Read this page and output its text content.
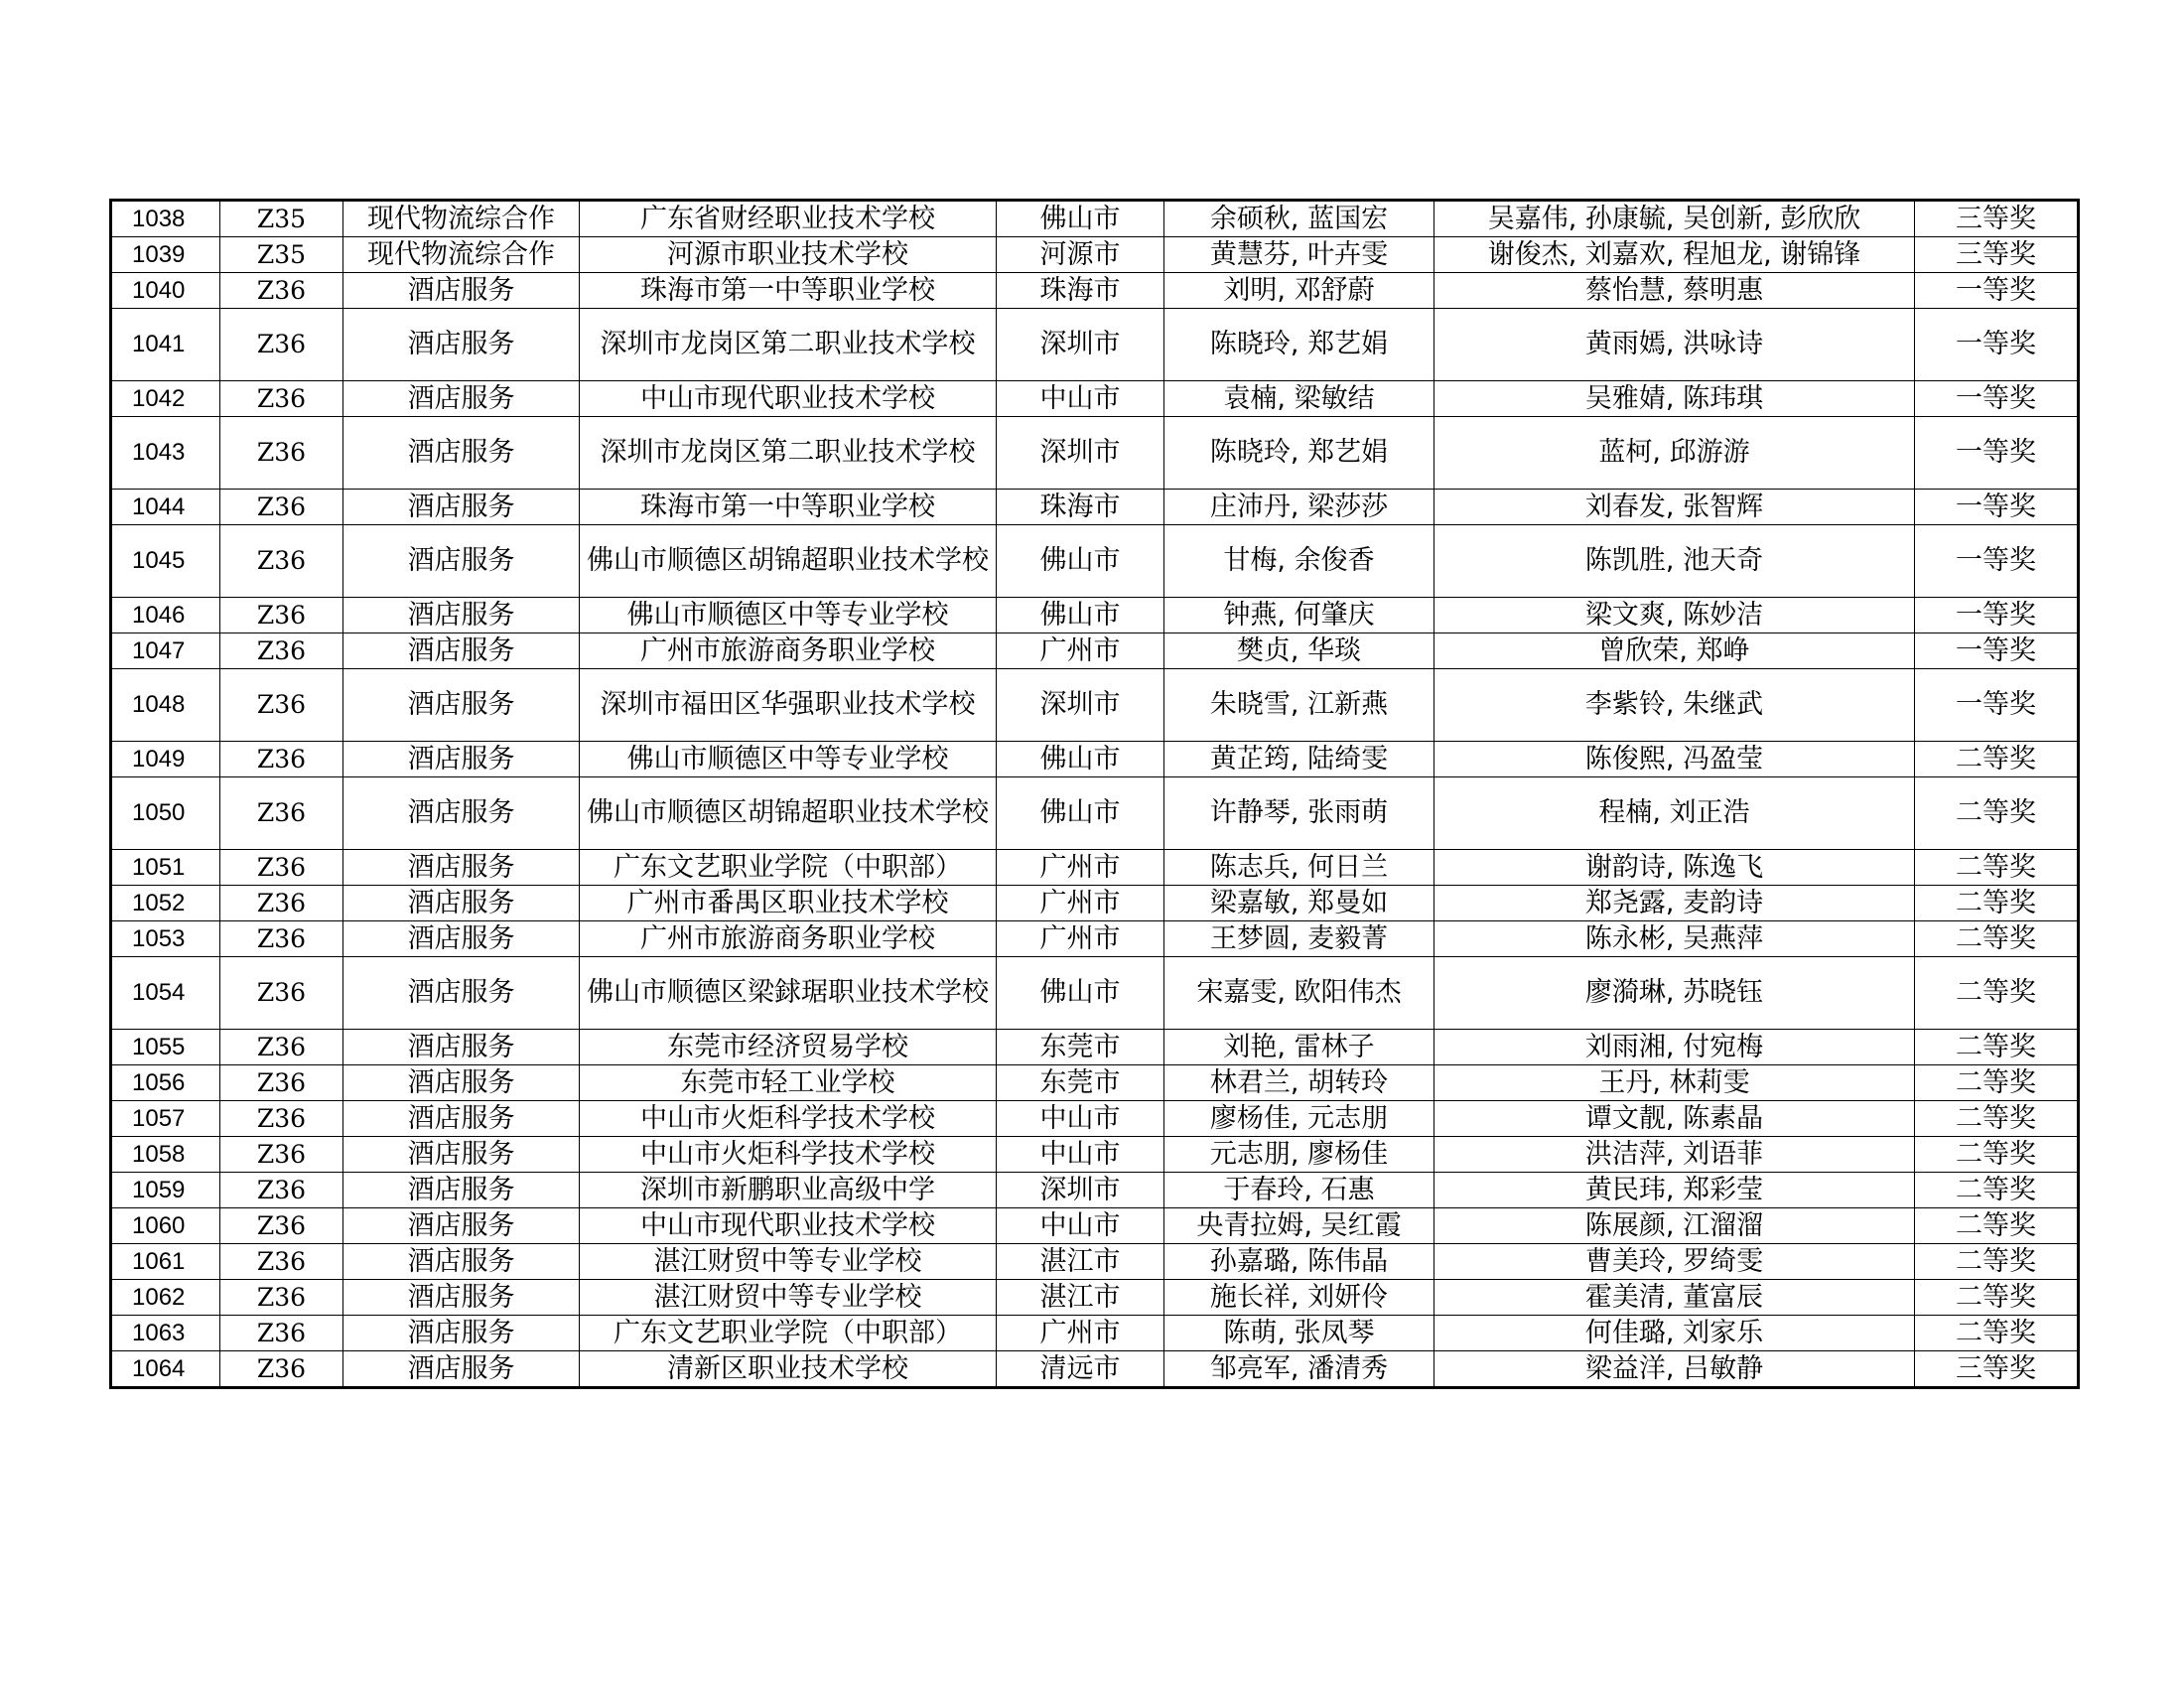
1038	Z35	现代物流综合作	广东省财经职业技术学校	佛山市	余硕秋, 蓝国宏	吴嘉伟, 孙康毓, 吴创新, 彭欣欣	三等奖
1039	Z35	现代物流综合作	河源市职业技术学校	河源市	黄慧芬, 叶卉雯	谢俊杰, 刘嘉欢, 程旭龙, 谢锦锋	三等奖
1040	Z36	酒店服务	珠海市第一中等职业学校	珠海市	刘明, 邓舒蔚	蔡怡慧, 蔡明惠	一等奖
1041	Z36	酒店服务	深圳市龙岗区第二职业技术学校	深圳市	陈晓玲, 郑艺娟	黄雨嫣, 洪咏诗	一等奖
1042	Z36	酒店服务	中山市现代职业技术学校	中山市	袁楠, 梁敏结	吴雅婧, 陈玮琪	一等奖
1043	Z36	酒店服务	深圳市龙岗区第二职业技术学校	深圳市	陈晓玲, 郑艺娟	蓝柯, 邱游游	一等奖
1044	Z36	酒店服务	珠海市第一中等职业学校	珠海市	庄沛丹, 梁莎莎	刘春发, 张智辉	一等奖
1045	Z36	酒店服务	佛山市顺德区胡锦超职业技术学校	佛山市	甘梅, 余俊香	陈凯胜, 池天奇	一等奖
1046	Z36	酒店服务	佛山市顺德区中等专业学校	佛山市	钟燕, 何肇庆	梁文爽, 陈妙洁	一等奖
1047	Z36	酒店服务	广州市旅游商务职业学校	广州市	樊贞, 华琰	曾欣荣, 郑峥	一等奖
1048	Z36	酒店服务	深圳市福田区华强职业技术学校	深圳市	朱晓雪, 江新燕	李紫铃, 朱继武	一等奖
1049	Z36	酒店服务	佛山市顺德区中等专业学校	佛山市	黄芷筠, 陆绮雯	陈俊熙, 冯盈莹	二等奖
1050	Z36	酒店服务	佛山市顺德区胡锦超职业技术学校	佛山市	许静琴, 张雨萌	程楠, 刘正浩	二等奖
1051	Z36	酒店服务	广东文艺职业学院（中职部）	广州市	陈志兵, 何日兰	谢韵诗, 陈逸飞	二等奖
1052	Z36	酒店服务	广州市番禺区职业技术学校	广州市	梁嘉敏, 郑曼如	郑尧露, 麦韵诗	二等奖
1053	Z36	酒店服务	广州市旅游商务职业学校	广州市	王梦圆, 麦毅菁	陈永彬, 吴燕萍	二等奖
1054	Z36	酒店服务	佛山市顺德区梁銶琚职业技术学校	佛山市	宋嘉雯, 欧阳伟杰	廖漪琳, 苏晓钰	二等奖
1055	Z36	酒店服务	东莞市经济贸易学校	东莞市	刘艳, 雷林子	刘雨湘, 付宛梅	二等奖
1056	Z36	酒店服务	东莞市轻工业学校	东莞市	林君兰, 胡转玲	王丹, 林莉雯	二等奖
1057	Z36	酒店服务	中山市火炬科学技术学校	中山市	廖杨佳, 元志朋	谭文靓, 陈素晶	二等奖
1058	Z36	酒店服务	中山市火炬科学技术学校	中山市	元志朋, 廖杨佳	洪洁萍, 刘语菲	二等奖
1059	Z36	酒店服务	深圳市新鹏职业高级中学	深圳市	于春玲, 石惠	黄民玮, 郑彩莹	二等奖
1060	Z36	酒店服务	中山市现代职业技术学校	中山市	央青拉姆, 吴红霞	陈展颜, 江溜溜	二等奖
1061	Z36	酒店服务	湛江财贸中等专业学校	湛江市	孙嘉璐, 陈伟晶	曹美玲, 罗绮雯	二等奖
1062	Z36	酒店服务	湛江财贸中等专业学校	湛江市	施长祥, 刘妍伶	霍美清, 董富辰	二等奖
1063	Z36	酒店服务	广东文艺职业学院（中职部）	广州市	陈萌, 张凤琴	何佳璐, 刘家乐	二等奖
1064	Z36	酒店服务	清新区职业技术学校	清远市	邹亮军, 潘清秀	梁益洋, 吕敏静	三等奖
